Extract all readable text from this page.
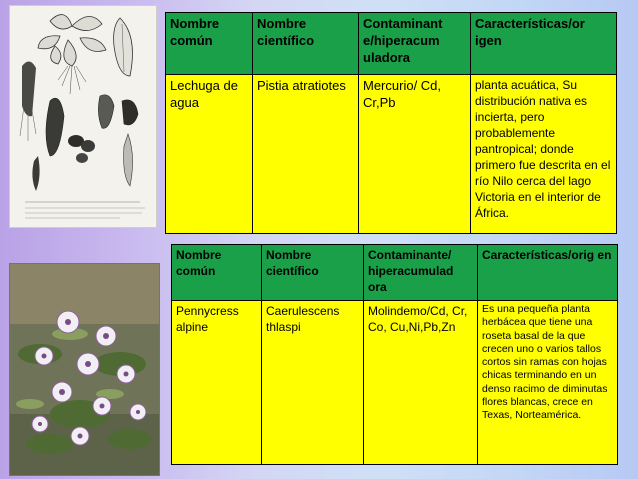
Nombre común	Nombre científico	Contaminant e/hiperacum uladora	Características/or igen
Lechuga de agua	Pistia atratiotes	Mercurio/ Cd, Cr,Pb	planta acuática, Su distribución nativa es incierta, pero probablemente pantropical; donde primero fue descrita en el río Nilo cerca del lago Victoria en el interior de África.
Nombre común	Nombre científico	Contaminante/ hiperacumulad ora	Características/orig en
Pennycress alpine	Caerulescens thlaspi	Molindemo/Cd, Cr, Co, Cu,Ni,Pb,Zn	Es una pequeña planta herbácea que tiene una roseta basal de la que crecen uno o varios tallos cortos sin ramas con hojas chicas terminando en un denso racimo de diminutas flores blancas, crece en Texas, Norteamérica.
